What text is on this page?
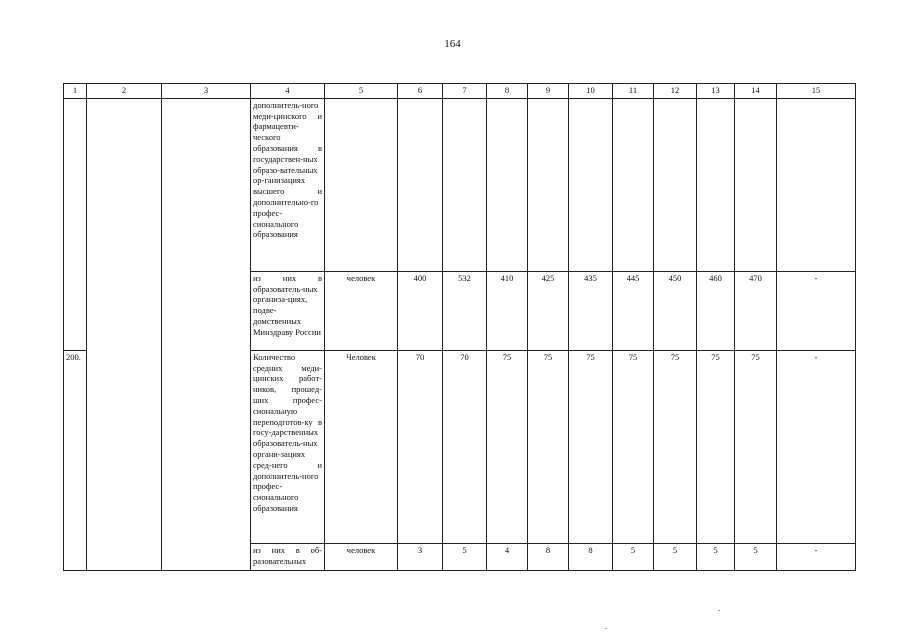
164
1	2	3	4	5	6	7	8	9	10	11	12	13	14	15
			дополнитель-ного меди-цинского и фармацевти-ческого образования в государствен-ных образо-вательных ор-ганизациях высшего и дополнительно-го профес-сионального образования											
			из них в образователь-ных организа-циях, подве-домственных Минздраву России	человек	400	532	410	425	435	445	450	460	470	-
200.			Количество средних меди-цинских работ-ников, прошед-ших профес-сиональную переподготов-ку в госу-дарственных образователь-ных органи-зациях сред-него и дополнитель-ного профес-сионального образования	Человек	70	70	75	75	75	75	75	75	75	-
			из них в об-разовательных	человек	3	5	4	8	8	5	5	5	5	-
